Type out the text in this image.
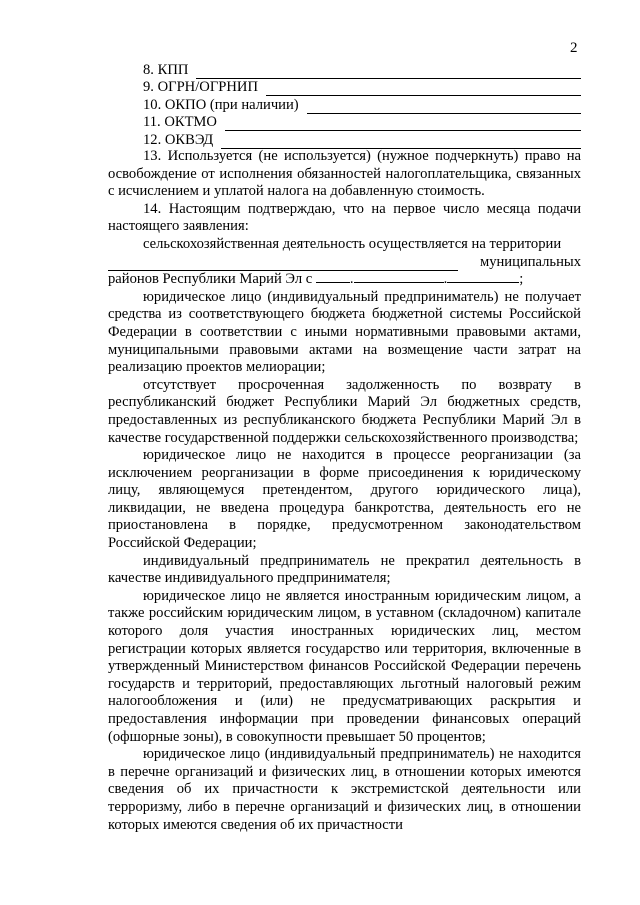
2
8. КПП
9. ОГРН/ОГРНИП
10. ОКПО (при наличии)
11. ОКТМО
12. ОКВЭД

13. Используется (не используется) (нужное подчеркнуть) право на освобождение от исполнения обязанностей налогоплательщика, связанных с исчислением и уплатой налога на добавленную стоимость.

14. Настоящим подтверждаю, что на первое число месяца подачи настоящего заявления:

сельскохозяйственная деятельность осуществляется на территории

муниципальных
районов Республики Марий Эл с	.	.	;

юридическое лицо (индивидуальный предприниматель) не получает средства из соответствующего бюджета бюджетной системы Российской Федерации в соответствии с иными нормативными правовыми актами, муниципальными правовыми актами на возмещение части затрат на реализацию проектов мелиорации;

отсутствует просроченная задолженность по возврату в республиканский бюджет Республики Марий Эл бюджетных средств, предоставленных из республиканского бюджета Республики Марий Эл в качестве государственной поддержки сельскохозяйственного производства;

юридическое лицо не находится в процессе реорганизации (за исключением реорганизации в форме присоединения к юридическому лицу, являющемуся претендентом, другого юридического лица), ликвидации, не введена процедура банкротства, деятельность его не приостановлена в порядке, предусмотренном законодательством Российской Федерации;

индивидуальный предприниматель не прекратил деятельность в качестве индивидуального предпринимателя;

юридическое лицо не является иностранным юридическим лицом, а также российским юридическим лицом, в уставном (складочном) капитале которого доля участия иностранных юридических лиц, местом регистрации которых является государство или территория, включенные в утвержденный Министерством финансов Российской Федерации перечень государств и территорий, предоставляющих льготный налоговый режим налогообложения и (или) не предусматривающих раскрытия и предоставления информации при проведении финансовых операций (офшорные зоны), в совокупности превышает 50 процентов;

юридическое лицо (индивидуальный предприниматель) не находится в перечне организаций и физических лиц, в отношении которых имеются сведения об их причастности к экстремистской деятельности или терроризму, либо в перечне организаций и физических лиц, в отношении которых имеются сведения об их причастности
